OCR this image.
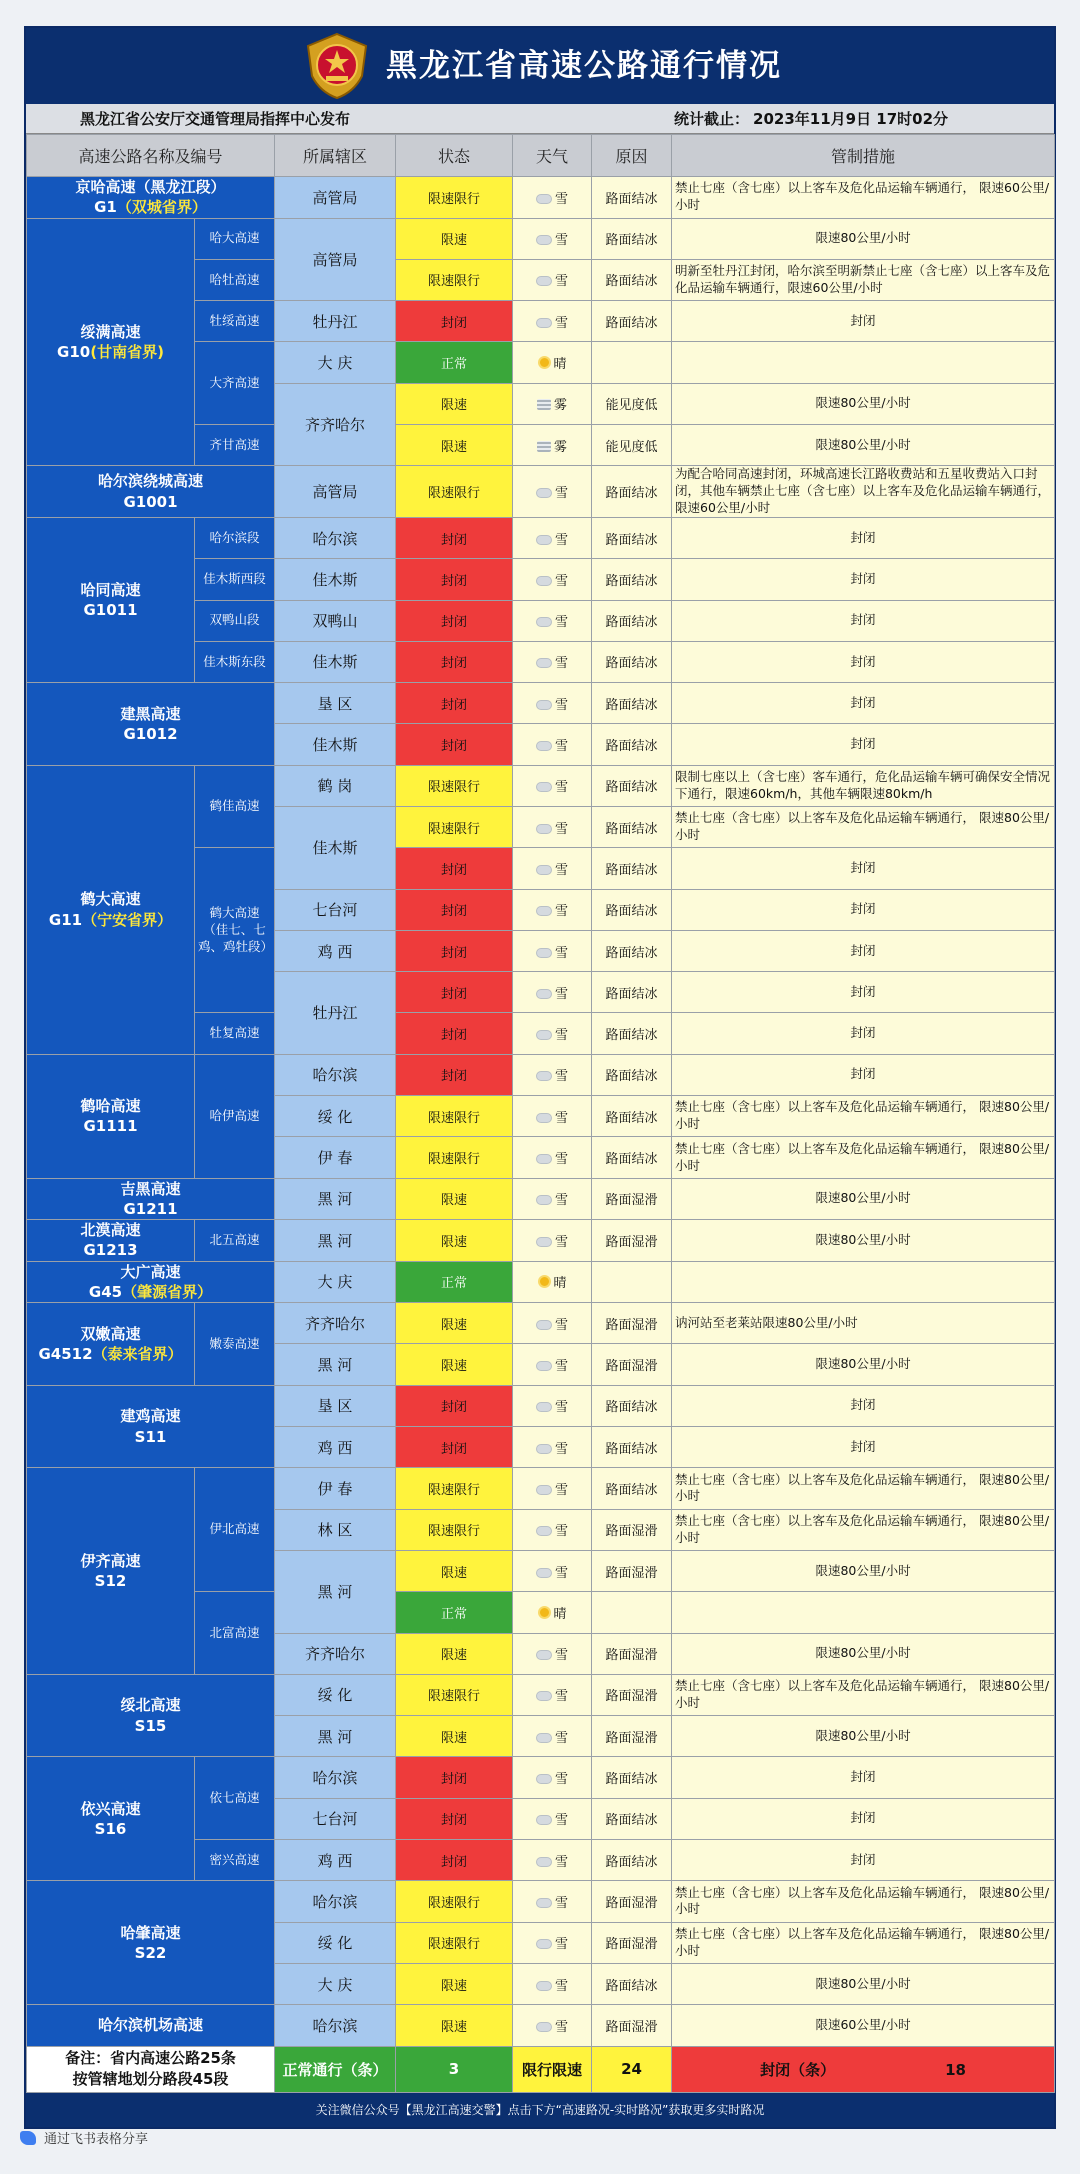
黑龙江省高速公路通行情况
黑龙江省公安厅交通管理局指挥中心发布	统计截止： 2023年11月9日 17时02分
高速公路名称及编号		所属辖区	状态	天气	原因	管制措施

京哈高速（黑龙江段）
G1（双城省界）		高管局	限速限行	雪	路面结冰	禁止七座（含七座）以上客车及危化品运输车辆通行， 限速60公里/小时

绥满高速
G10(甘南省界)	哈大高速	高管局	限速	雪	路面结冰	限速80公里/小时

	哈牡高速		限速限行	雪	路面结冰	明新至牡丹江封闭，哈尔滨至明新禁止七座（含七座）以上客车及危化品运输车辆通行，限速60公里/小时

	牡绥高速	牡丹江	封闭	雪	路面结冰	封闭

	大齐高速	大 庆	正常	晴		
		齐齐哈尔	限速	雾	能见度低	限速80公里/小时

	齐甘高速		限速	雾	能见度低	限速80公里/小时

哈尔滨绕城高速
G1001		高管局	限速限行	雪	路面结冰	为配合哈同高速封闭，环城高速长江路收费站和五星收费站入口封闭，其他车辆禁止七座（含七座）以上客车及危化品运输车辆通行，限速60公里/小时

哈同高速
G1011	哈尔滨段	哈尔滨	封闭	雪	路面结冰	封闭

	佳木斯西段	佳木斯	封闭	雪	路面结冰	封闭

	双鸭山段	双鸭山	封闭	雪	路面结冰	封闭

	佳木斯东段	佳木斯	封闭	雪	路面结冰	封闭

建黑高速
G1012		垦 区	封闭	雪	路面结冰	封闭
		佳木斯	封闭	雪	路面结冰	封闭

鹤大高速
G11（宁安省界）	鹤佳高速	鹤 岗	限速限行	雪	路面结冰	限制七座以上（含七座）客车通行，危化品运输车辆可确保安全情况下通行，限速60km/h，其他车辆限速80km/h
		佳木斯	限速限行	雪	路面结冰	禁止七座（含七座）以上客车及危化品运输车辆通行， 限速80公里/小时

	鹤大高速（佳七、七鸡、鸡牡段）		封闭	雪	路面结冰	封闭
		七台河	封闭	雪	路面结冰	封闭
		鸡 西	封闭	雪	路面结冰	封闭
		牡丹江	封闭	雪	路面结冰	封闭

	牡复高速		封闭	雪	路面结冰	封闭

鹤哈高速
G1111	哈伊高速	哈尔滨	封闭	雪	路面结冰	封闭
		绥 化	限速限行	雪	路面结冰	禁止七座（含七座）以上客车及危化品运输车辆通行， 限速80公里/小时
		伊 春	限速限行	雪	路面结冰	禁止七座（含七座）以上客车及危化品运输车辆通行， 限速80公里/小时

吉黑高速
G1211		黑 河	限速	雪	路面湿滑	限速80公里/小时

北漠高速
G1213	北五高速	黑 河	限速	雪	路面湿滑	限速80公里/小时

大广高速
G45（肇源省界）		大 庆	正常	晴		

双嫩高速
G4512（泰来省界）	嫩泰高速	齐齐哈尔	限速	雪	路面湿滑	讷河站至老莱站限速80公里/小时
		黑 河	限速	雪	路面湿滑	限速80公里/小时

建鸡高速
S11		垦 区	封闭	雪	路面结冰	封闭
		鸡 西	封闭	雪	路面结冰	封闭

伊齐高速
S12	伊北高速	伊 春	限速限行	雪	路面结冰	禁止七座（含七座）以上客车及危化品运输车辆通行， 限速80公里/小时
		林 区	限速限行	雪	路面湿滑	禁止七座（含七座）以上客车及危化品运输车辆通行， 限速80公里/小时
		黑 河	限速	雪	路面湿滑	限速80公里/小时

	北富高速		正常	晴		
		齐齐哈尔	限速	雪	路面湿滑	限速80公里/小时

绥北高速
S15		绥 化	限速限行	雪	路面湿滑	禁止七座（含七座）以上客车及危化品运输车辆通行， 限速80公里/小时
		黑 河	限速	雪	路面湿滑	限速80公里/小时

依兴高速
S16	依七高速	哈尔滨	封闭	雪	路面结冰	封闭
		七台河	封闭	雪	路面结冰	封闭

	密兴高速	鸡 西	封闭	雪	路面结冰	封闭

哈肇高速
S22		哈尔滨	限速限行	雪	路面湿滑	禁止七座（含七座）以上客车及危化品运输车辆通行， 限速80公里/小时
		绥 化	限速限行	雪	路面湿滑	禁止七座（含七座）以上客车及危化品运输车辆通行， 限速80公里/小时
		大 庆	限速	雪	路面结冰	限速80公里/小时

哈尔滨机场高速		哈尔滨	限速	雪	路面湿滑	限速60公里/小时

备注：省内高速公路25条
按管辖地划分路段45段		正常通行（条）	3	限行限速	24	封闭（条） 18
关注微信公众号【黑龙江高速交警】点击下方“高速路况-实时路况”获取更多实时路况
通过飞书表格分享
